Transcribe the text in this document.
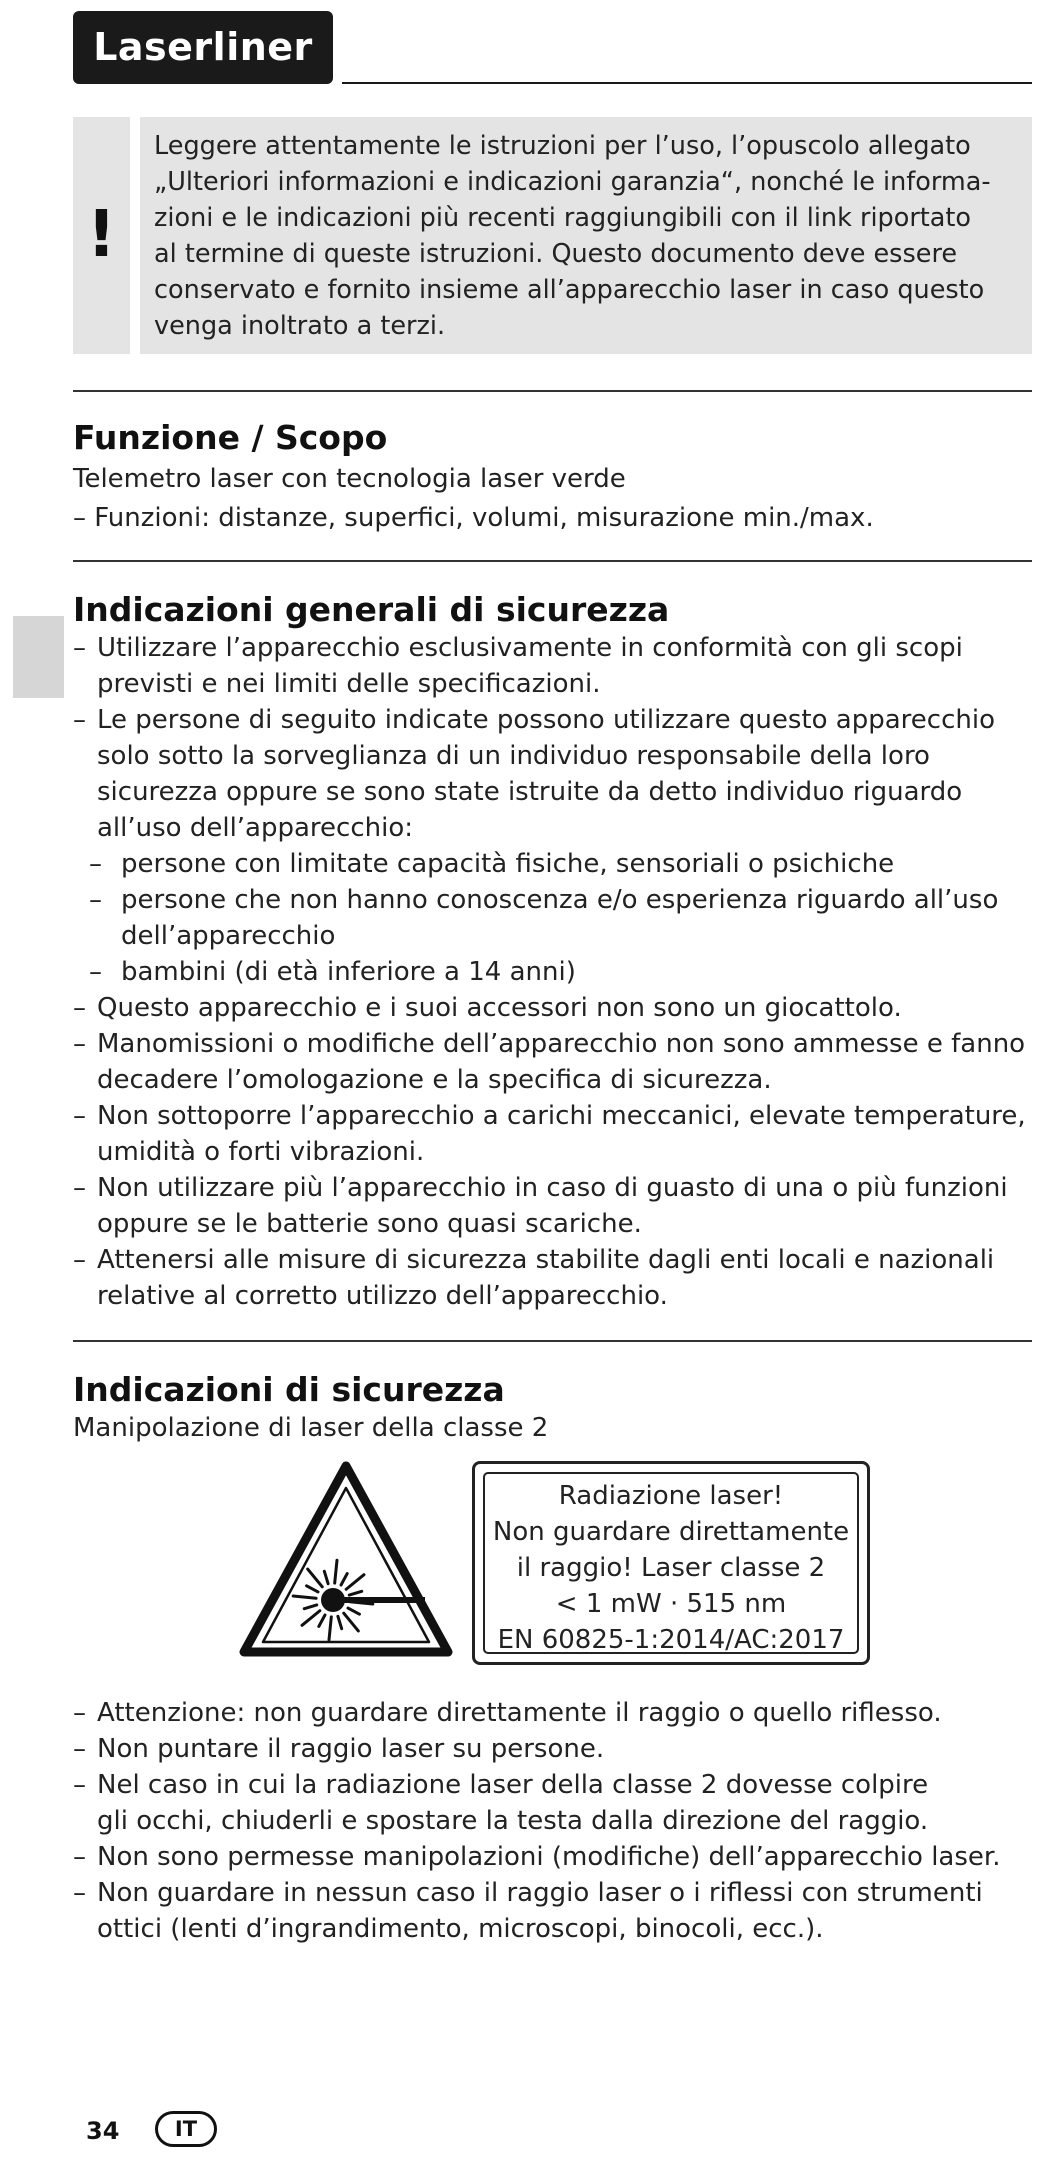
Laserliner
!
Leggere attentamente le istruzioni per l’uso, l’opuscolo allegato
„Ulteriori informazioni e indicazioni garanzia“, nonché le informa-
zioni e le indicazioni più recenti raggiungibili con il link riportato
al termine di queste istruzioni. Questo documento deve essere
conservato e fornito insieme all’apparecchio laser in caso questo
venga inoltrato a terzi.
Funzione / Scopo
Telemetro laser con tecnologia laser verde
– Funzioni: distanze, superfici, volumi, misurazione min./max.
Indicazioni generali di sicurezza
– Utilizzare l’apparecchio esclusivamente in conformità con gli scopi
previsti e nei limiti delle specificazioni.
– Le persone di seguito indicate possono utilizzare questo apparecchio
solo sotto la sorveglianza di un individuo responsabile della loro
sicurezza oppure se sono state istruite da detto individuo riguardo
all’uso dell’apparecchio:
– persone con limitate capacità fisiche, sensoriali o psichiche
– persone che non hanno conoscenza e/o esperienza riguardo all’uso
dell’apparecchio
– bambini (di età inferiore a 14 anni)
– Questo apparecchio e i suoi accessori non sono un giocattolo.
– Manomissioni o modifiche dell’apparecchio non sono ammesse e fanno
decadere l’omologazione e la specifica di sicurezza.
– Non sottoporre l’apparecchio a carichi meccanici, elevate temperature,
umidità o forti vibrazioni.
– Non utilizzare più l’apparecchio in caso di guasto di una o più funzioni
oppure se le batterie sono quasi scariche.
– Attenersi alle misure di sicurezza stabilite dagli enti locali e nazionali
relative al corretto utilizzo dell’apparecchio.
Indicazioni di sicurezza
Manipolazione di laser della classe 2
Radiazione laser!
Non guardare direttamente
il raggio! Laser classe 2
< 1 mW · 515 nm
EN 60825-1:2014/AC:2017
– Attenzione: non guardare direttamente il raggio o quello riflesso.
– Non puntare il raggio laser su persone.
– Nel caso in cui la radiazione laser della classe 2 dovesse colpire
gli occhi, chiuderli e spostare la testa dalla direzione del raggio.
– Non sono permesse manipolazioni (modifiche) dell’apparecchio laser.
– Non guardare in nessun caso il raggio laser o i riflessi con strumenti
ottici (lenti d’ingrandimento, microscopi, binocoli, ecc.).
34	IT
